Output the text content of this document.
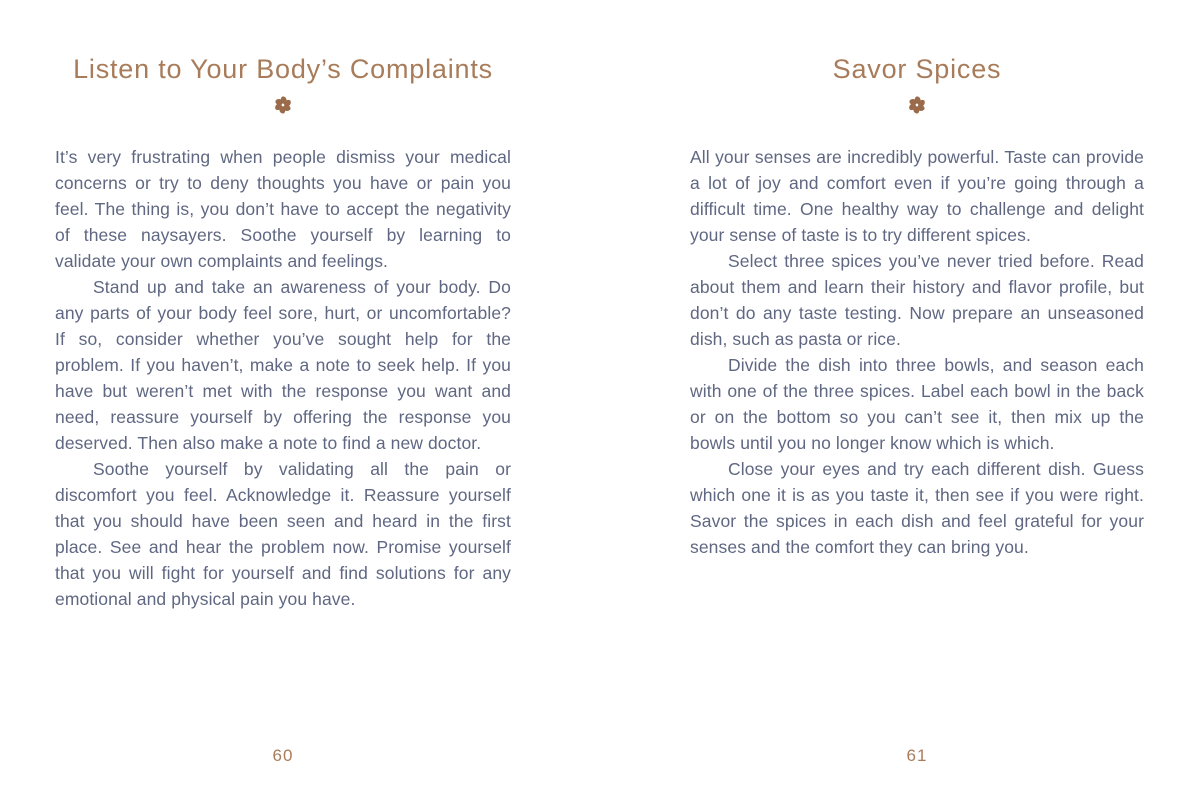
Listen to Your Body’s Complaints

It’s very frustrating when people dismiss your medical concerns or try to deny thoughts you have or pain you feel. The thing is, you don’t have to accept the negativity of these naysayers. Soothe yourself by learning to validate your own complaints and feelings.

Stand up and take an awareness of your body. Do any parts of your body feel sore, hurt, or uncomfortable? If so, consider whether you’ve sought help for the problem. If you haven’t, make a note to seek help. If you have but weren’t met with the response you want and need, reassure yourself by offering the response you deserved. Then also make a note to find a new doctor.

Soothe yourself by validating all the pain or discomfort you feel. Acknowledge it. Reassure yourself that you should have been seen and heard in the first place. See and hear the problem now. Promise yourself that you will fight for yourself and find solutions for any emotional and physical pain you have.

60
Savor Spices

All your senses are incredibly powerful. Taste can provide a lot of joy and comfort even if you’re going through a difficult time. One healthy way to challenge and delight your sense of taste is to try different spices.

Select three spices you’ve never tried before. Read about them and learn their history and flavor profile, but don’t do any taste testing. Now prepare an unseasoned dish, such as pasta or rice.

Divide the dish into three bowls, and season each with one of the three spices. Label each bowl in the back or on the bottom so you can’t see it, then mix up the bowls until you no longer know which is which.

Close your eyes and try each different dish. Guess which one it is as you taste it, then see if you were right. Savor the spices in each dish and feel grateful for your senses and the comfort they can bring you.

61
